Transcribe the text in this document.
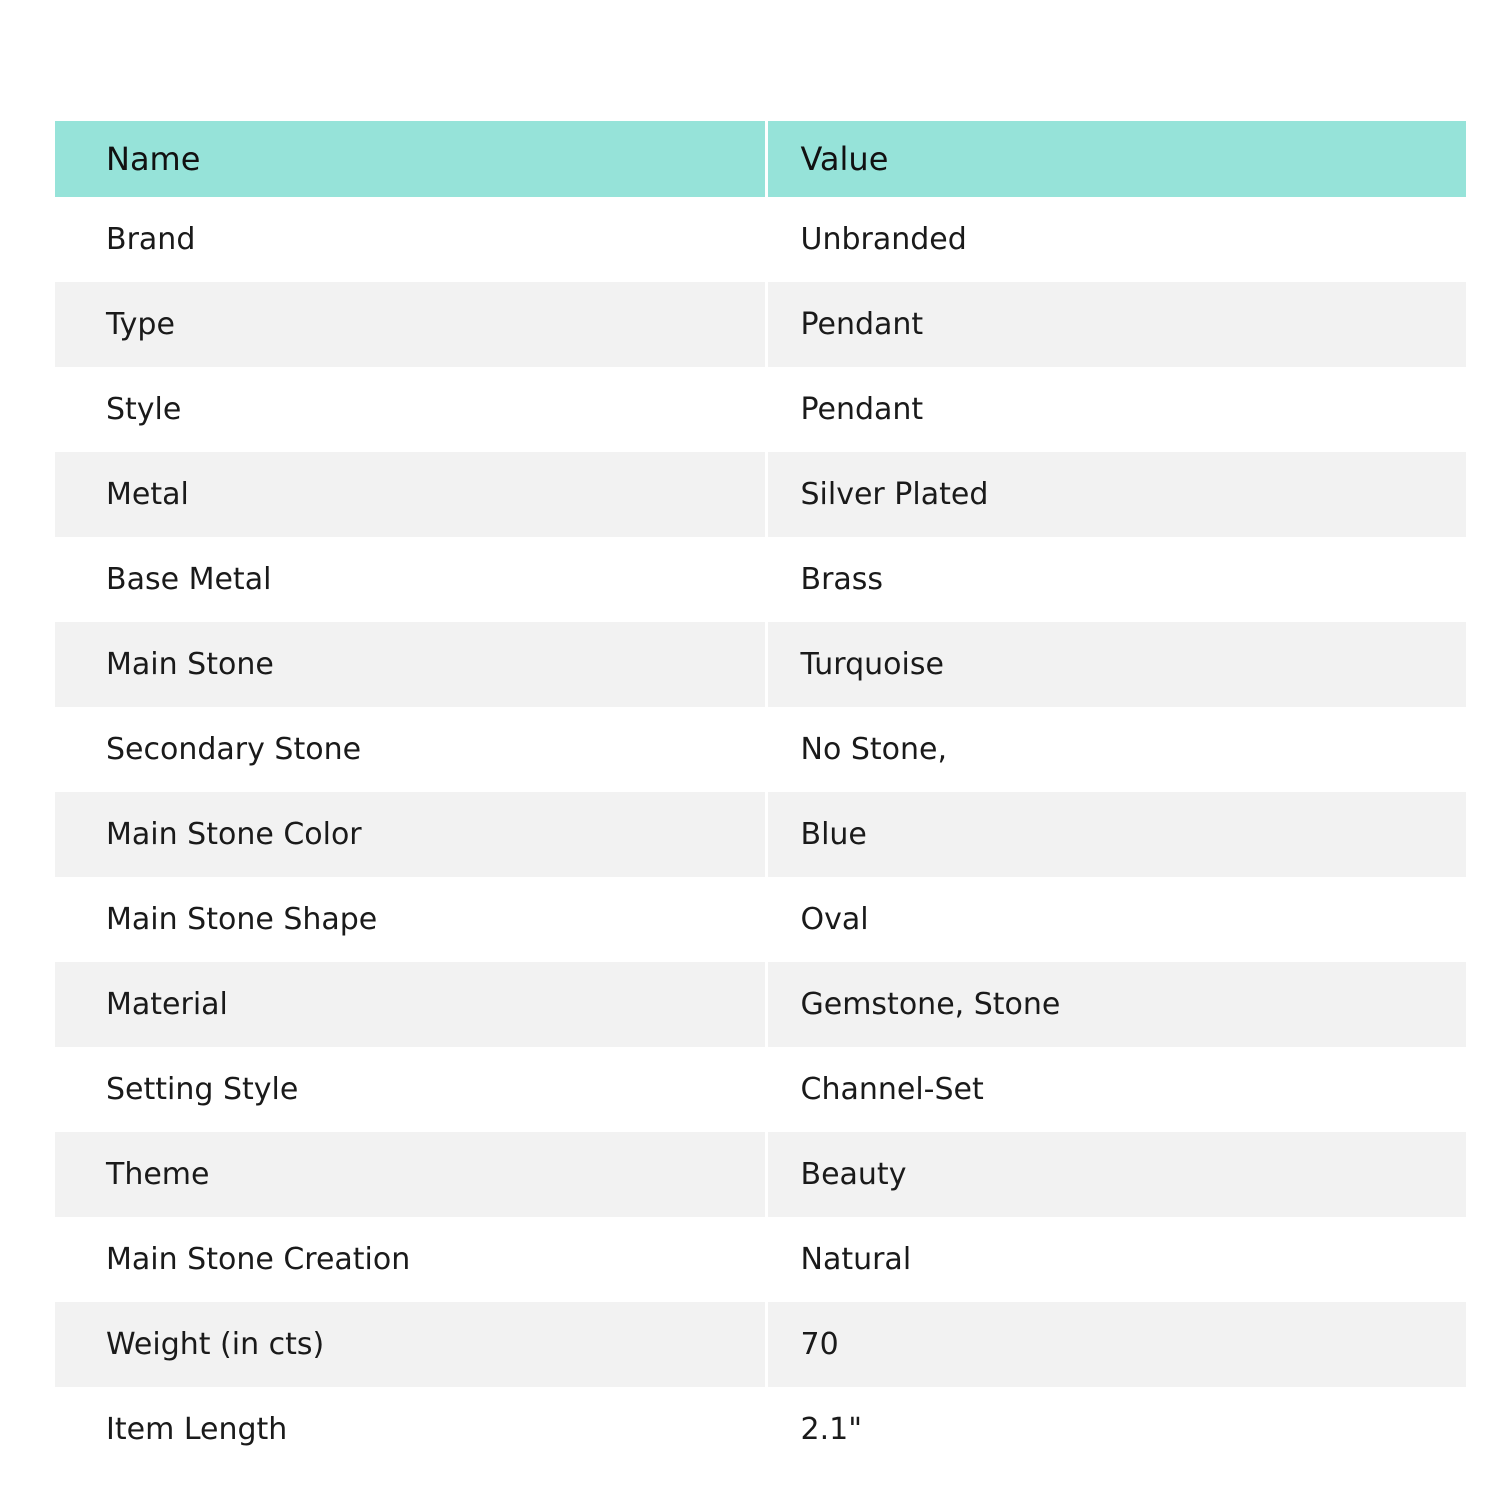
Name	Value
Brand	Unbranded
Type	Pendant
Style	Pendant
Metal	Silver Plated
Base Metal	Brass
Main Stone	Turquoise
Secondary Stone	No Stone,
Main Stone Color	Blue
Main Stone Shape	Oval
Material	Gemstone, Stone
Setting Style	Channel-Set
Theme	Beauty
Main Stone Creation	Natural
Weight (in cts)	70
Item Length	2.1"
